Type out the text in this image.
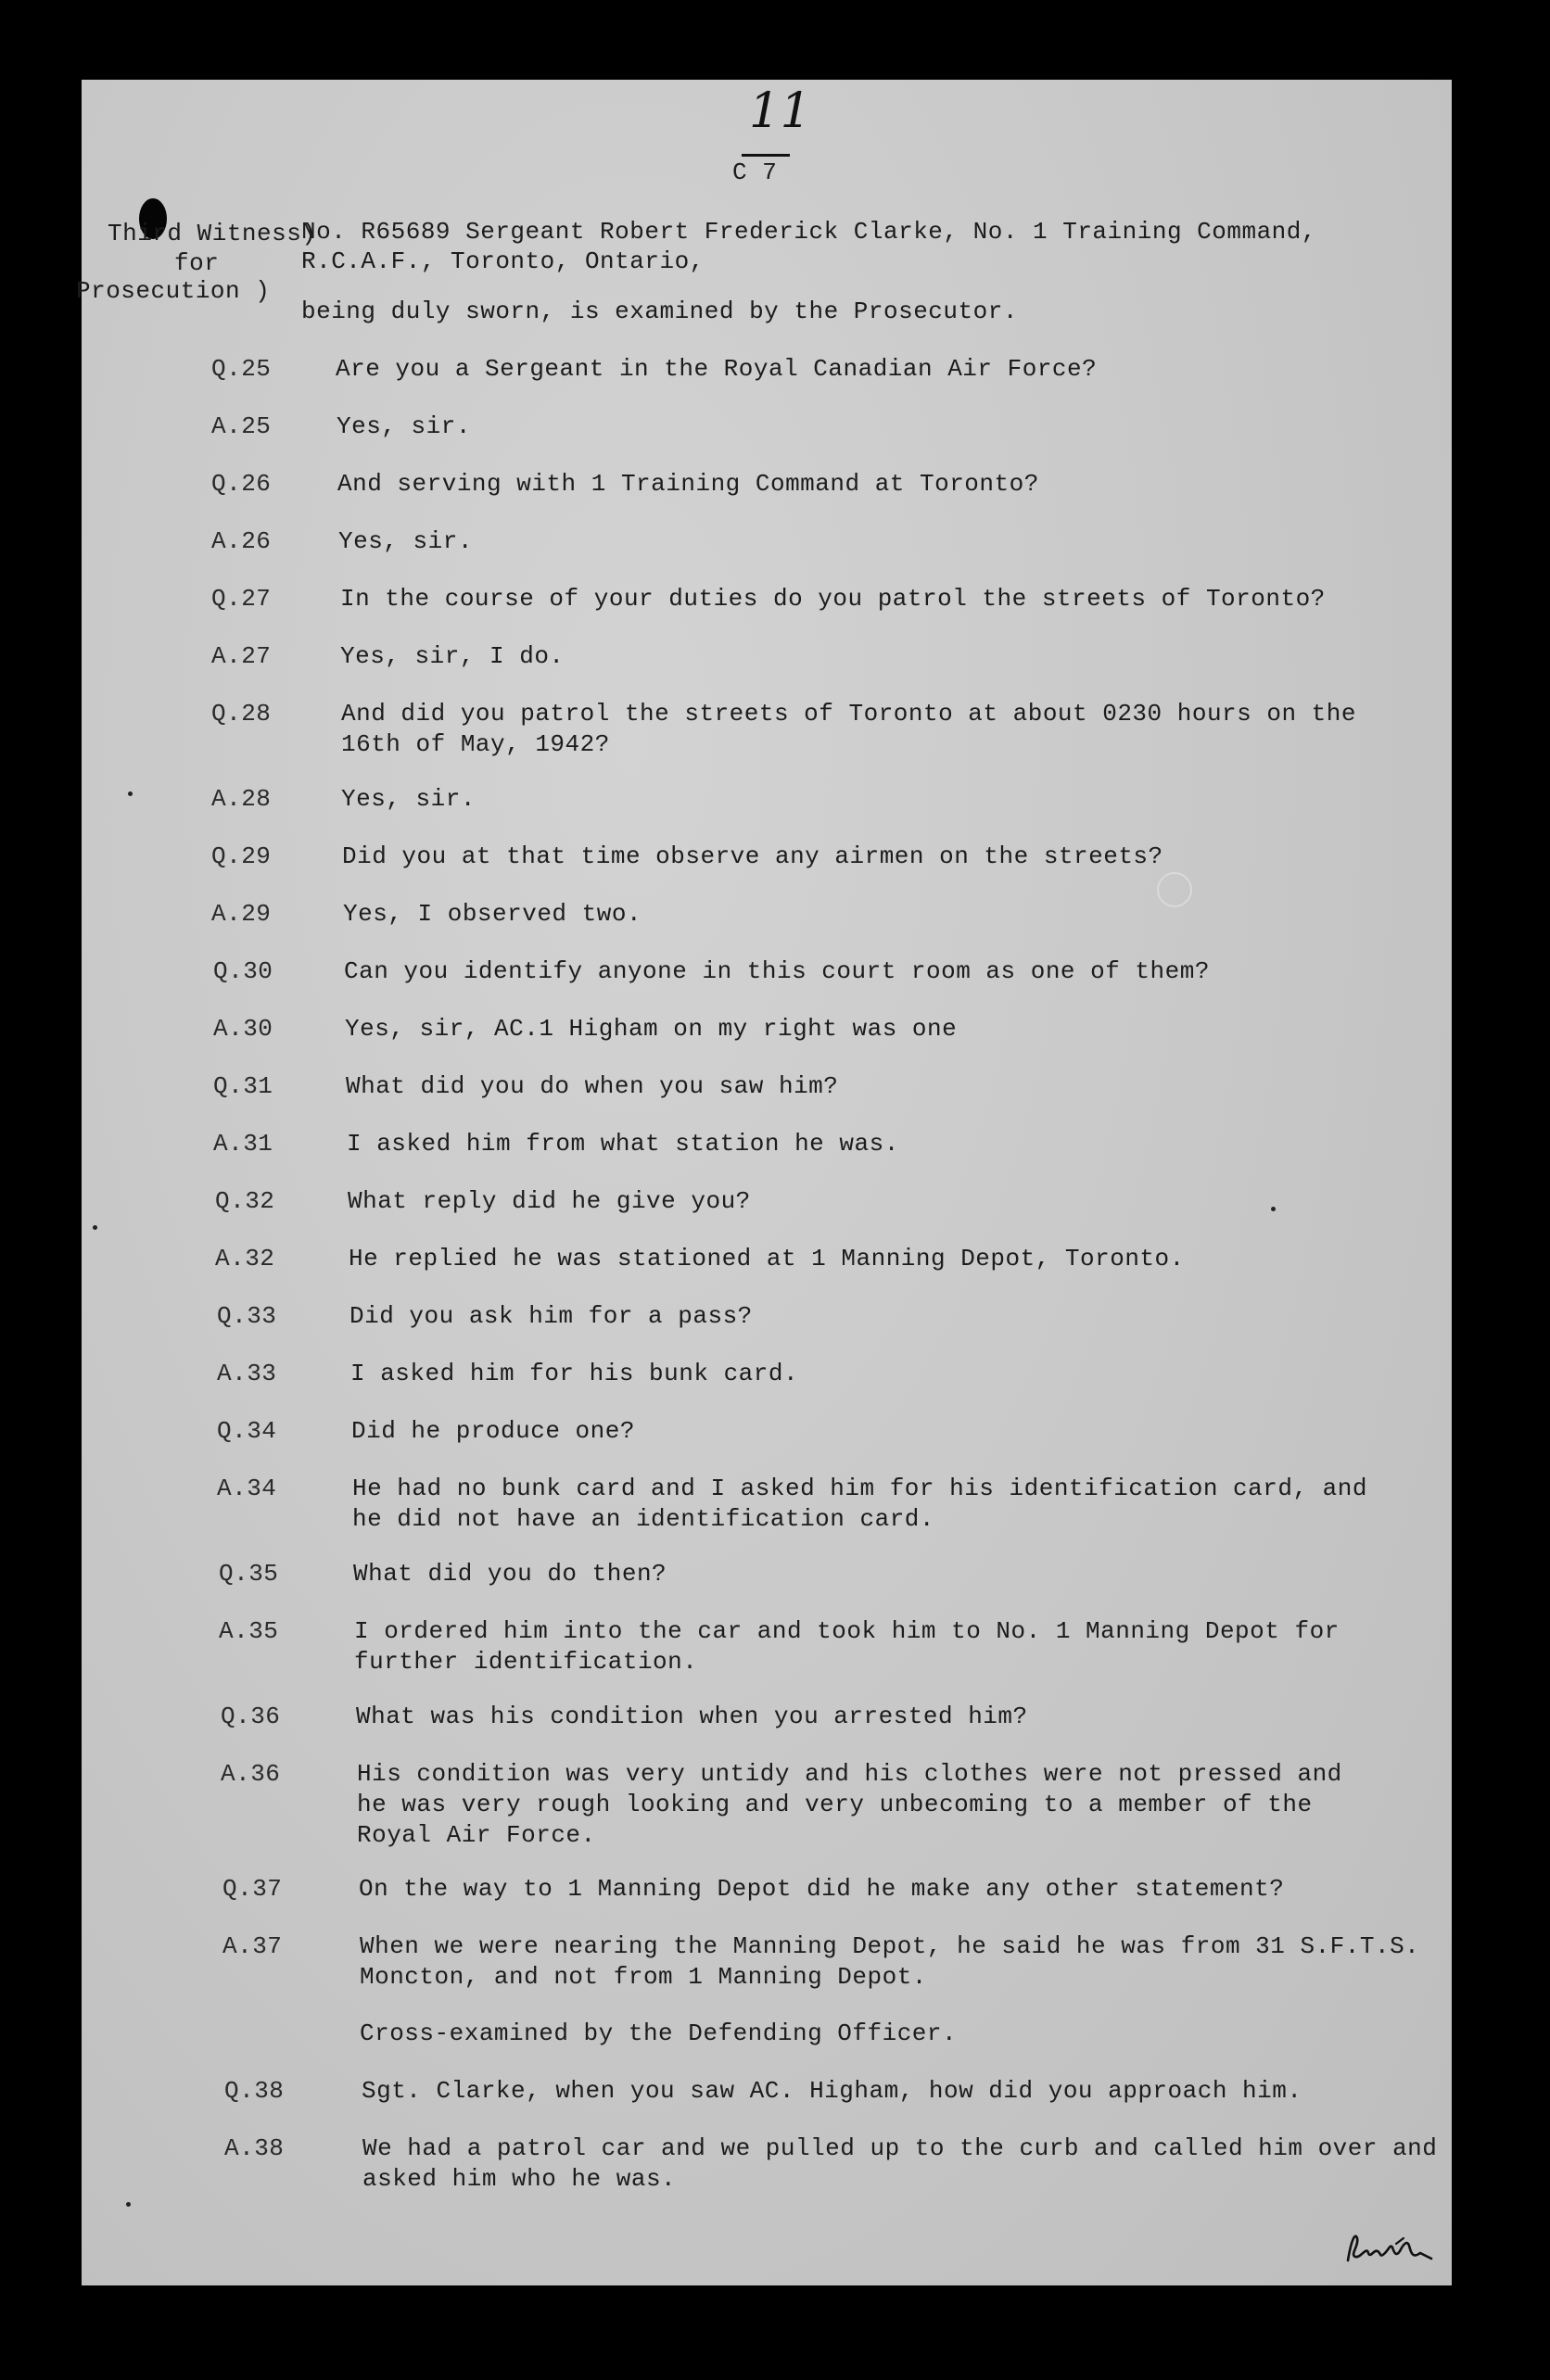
11
C 7
Third Witness)
for
Prosecution )
No. R65689 Sergeant Robert Frederick Clarke, No. 1 Training Command,
R.C.A.F., Toronto, Ontario,
being duly sworn, is examined by the Prosecutor.
Q.25	Are you a Sergeant in the Royal Canadian Air Force?
A.25	Yes, sir.
Q.26	And serving with 1 Training Command at Toronto?
A.26	Yes, sir.
Q.27	In the course of your duties do you patrol the streets of Toronto?
A.27	Yes, sir, I do.
Q.28	And did you patrol the streets of Toronto at about 0230 hours on the
16th of May, 1942?
A.28	Yes, sir.
Q.29	Did you at that time observe any airmen on the streets?
A.29	Yes, I observed two.
Q.30	Can you identify anyone in this court room as one of them?
A.30	Yes, sir, AC.1 Higham on my right was one
Q.31	What did you do when you saw him?
A.31	I asked him from what station he was.
Q.32	What reply did he give you?
A.32	He replied he was stationed at 1 Manning Depot, Toronto.
Q.33	Did you ask him for a pass?
A.33	I asked him for his bunk card.
Q.34	Did he produce one?
A.34	He had no bunk card and I asked him for his identification card, and
he did not have an identification card.
Q.35	What did you do then?
A.35	I ordered him into the car and took him to No. 1 Manning Depot for
further identification.
Q.36	What was his condition when you arrested him?
A.36	His condition was very untidy and his clothes were not pressed and
he was very rough looking and very unbecoming to a member of the
Royal Air Force.
Q.37	On the way to 1 Manning Depot did he make any other statement?
A.37	When we were nearing the Manning Depot, he said he was from 31 S.F.T.S.
Moncton, and not from 1 Manning Depot.
Cross-examined by the Defending Officer.
Q.38	Sgt. Clarke, when you saw AC. Higham, how did you approach him.
A.38	We had a patrol car and we pulled up to the curb and called him over and
asked him who he was.
